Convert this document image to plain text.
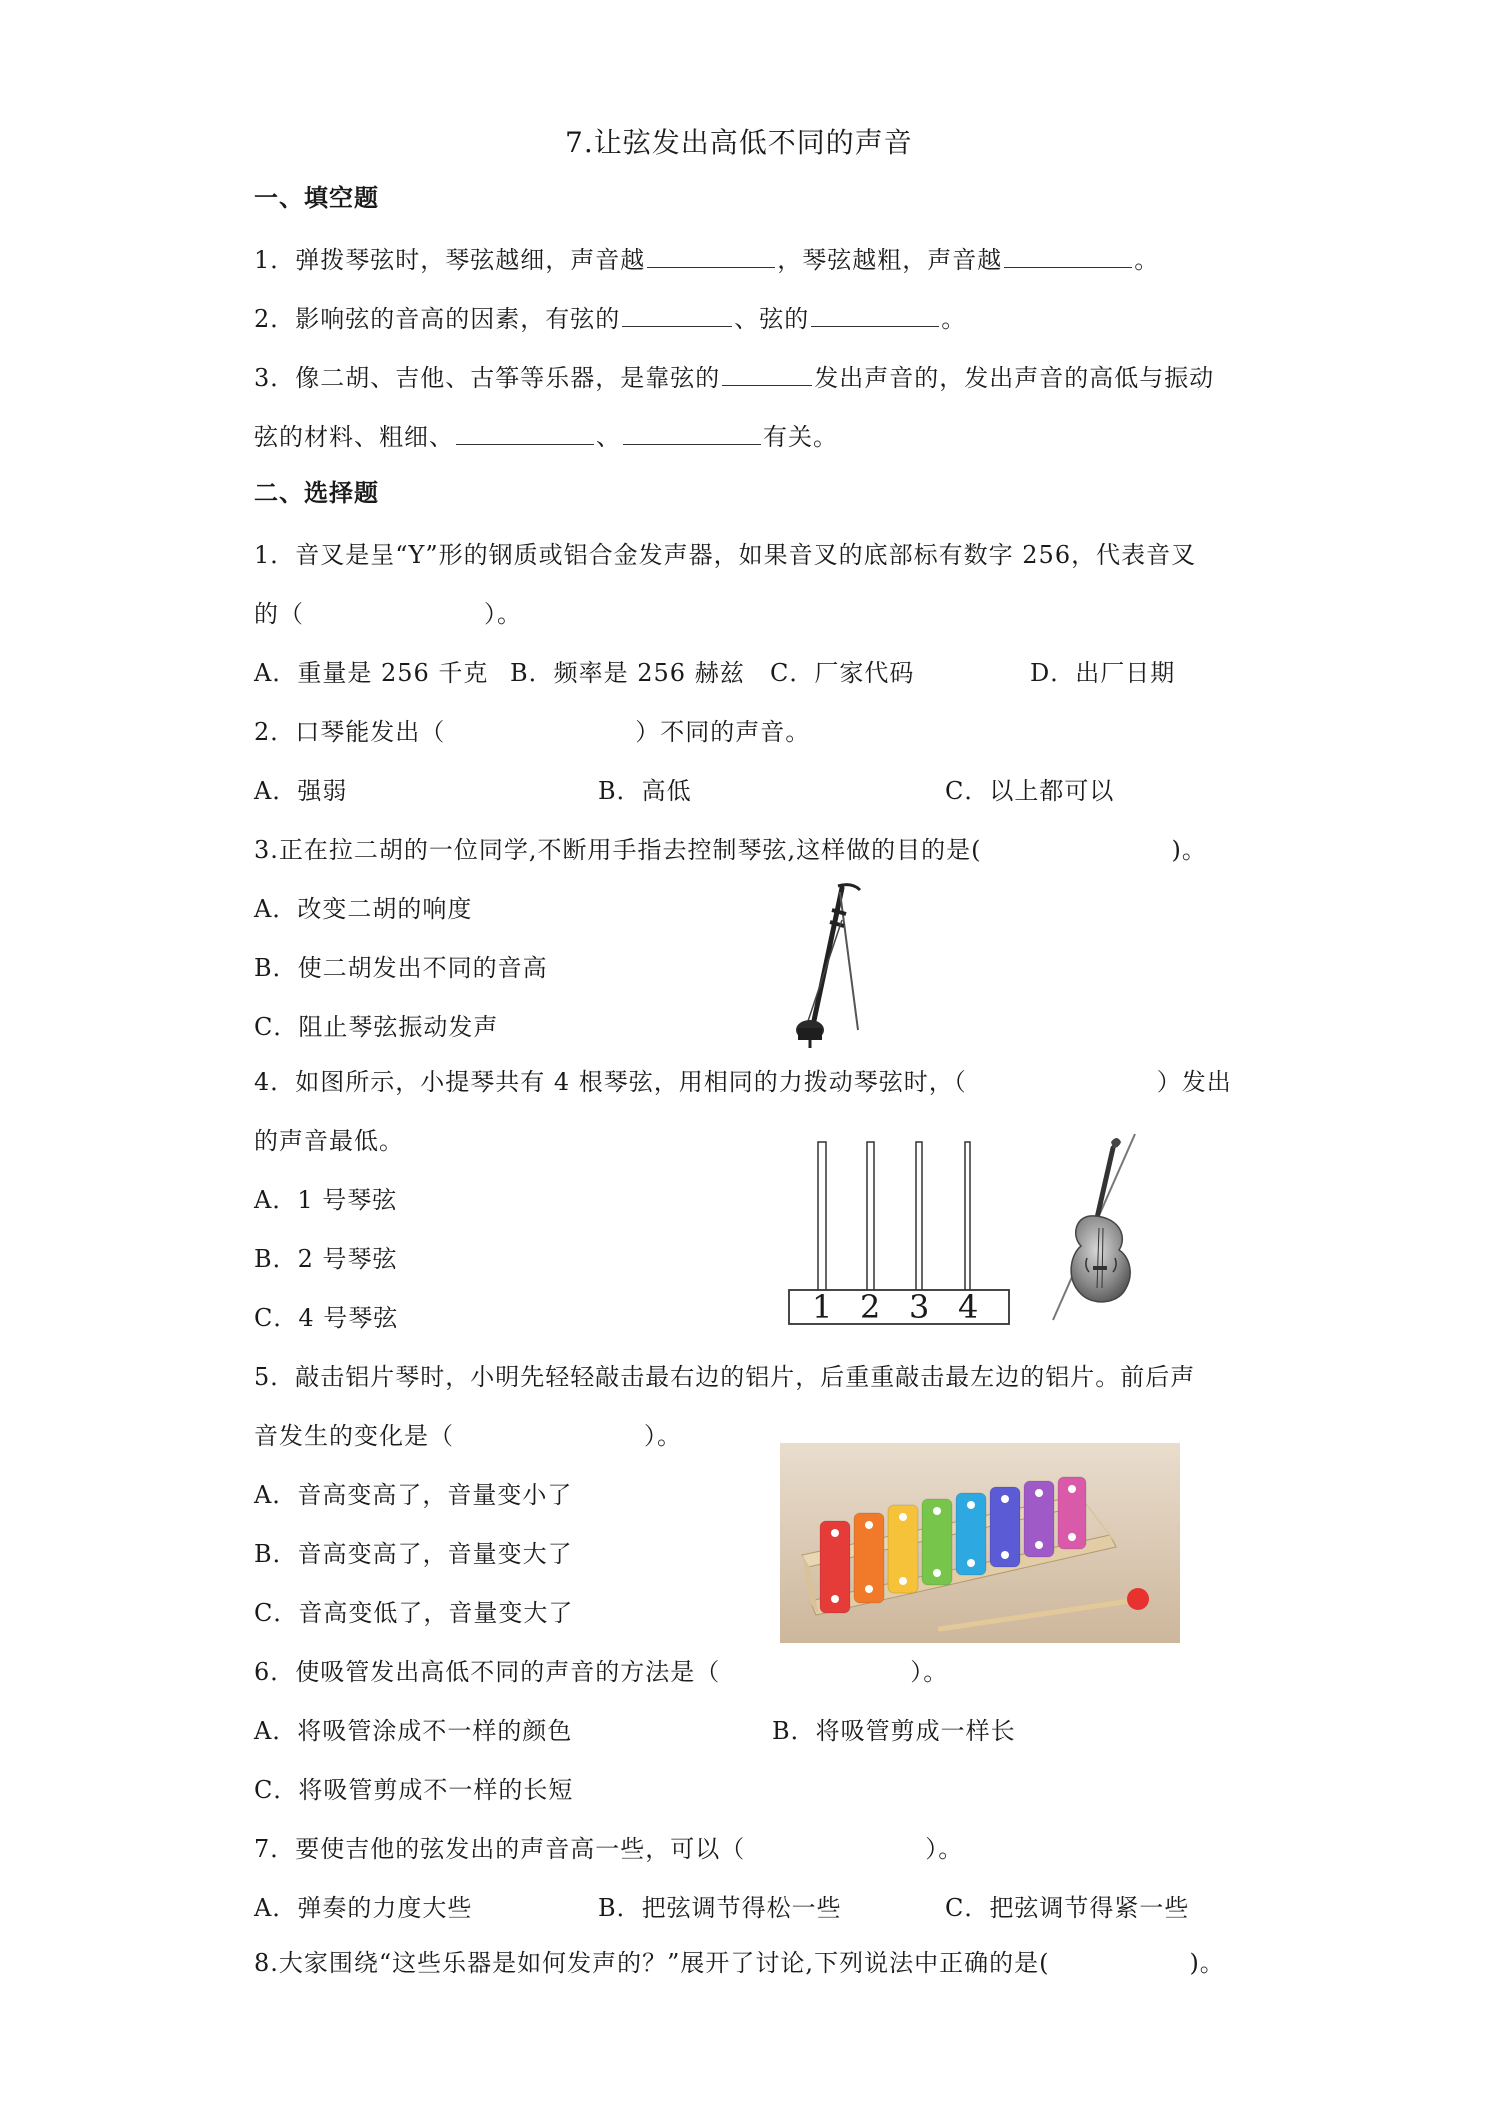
7.让弦发出高低不同的声音
一、填空题
1．弹拨琴弦时，琴弦越细，声音越	，琴弦越粗，声音越	。
2．影响弦的音高的因素，有弦的	、弦的	。
3．像二胡、吉他、古筝等乐器，是靠弦的	发出声音的，发出声音的高低与振动
弦的材料、粗细、	、	有关。
二、选择题
1．音叉是呈“Y”形的钢质或铝合金发声器，如果音叉的底部标有数字 256，代表音叉
的（	）。
A．重量是 256 千克 B．频率是 256 赫兹 C．厂家代码	D．出厂日期
2．口琴能发出（	）不同的声音。
A．强弱	B．高低	C．以上都可以
3.正在拉二胡的一位同学,不断用手指去控制琴弦,这样做的目的是(	)。
A．改变二胡的响度
B．使二胡发出不同的音高
C．阻止琴弦振动发声
4．如图所示，小提琴共有 4 根琴弦，用相同的力拨动琴弦时，（	）发出
的声音最低。
A．1 号琴弦
B．2 号琴弦
C．4 号琴弦	1 2 3 4
5．敲击铝片琴时，小明先轻轻敲击最右边的铝片，后重重敲击最左边的铝片。前后声
音发生的变化是（	）。
A．音高变高了，音量变小了
B．音高变高了，音量变大了
C．音高变低了，音量变大了
6．使吸管发出高低不同的声音的方法是（	）。
A．将吸管涂成不一样的颜色	B．将吸管剪成一样长
C．将吸管剪成不一样的长短
7．要使吉他的弦发出的声音高一些，可以（	）。
A．弹奏的力度大些	B．把弦调节得松一些	C．把弦调节得紧一些
8.大家围绕“这些乐器是如何发声的？”展开了讨论,下列说法中正确的是(	)。
